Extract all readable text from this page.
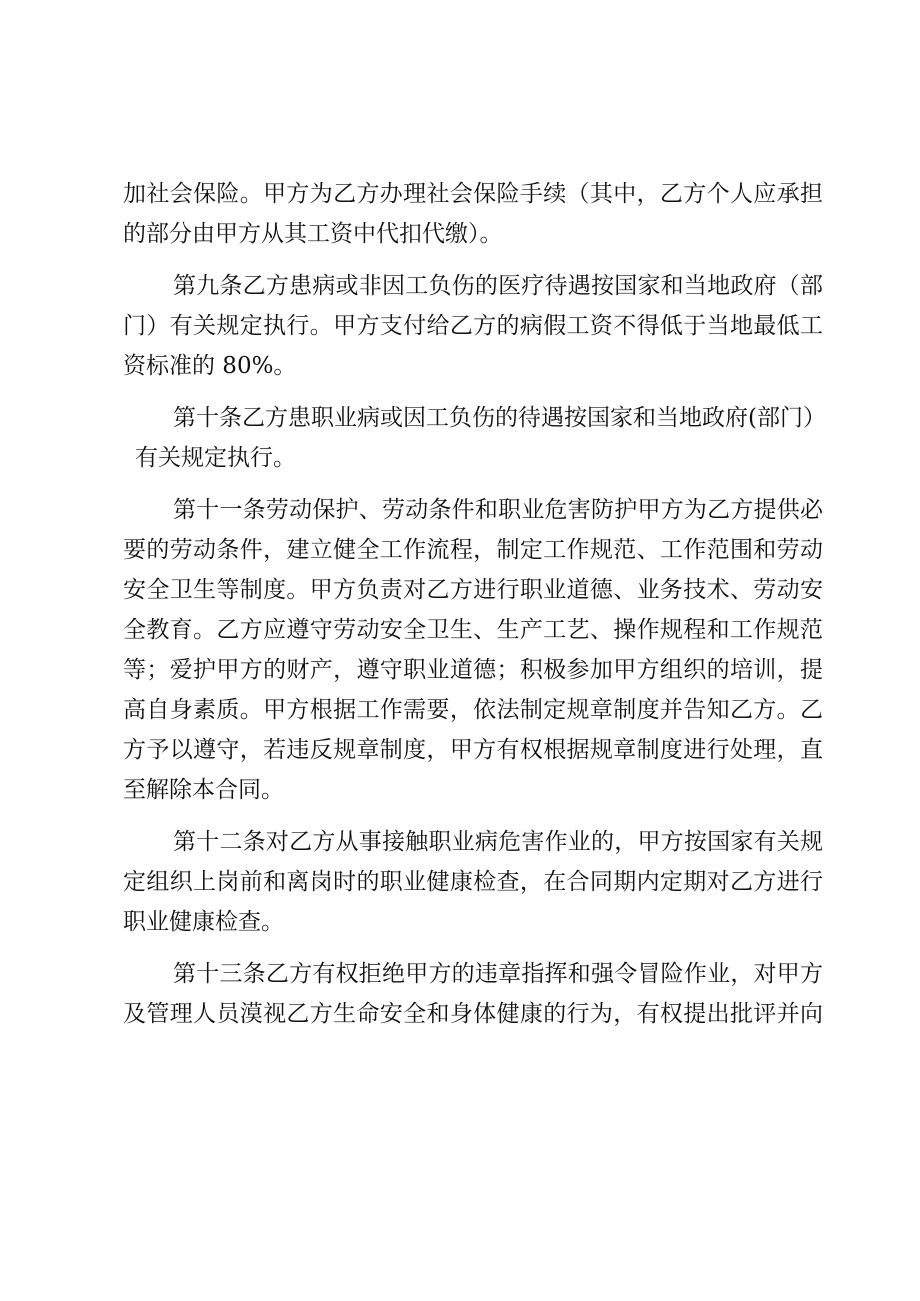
加社会保险。甲方为乙方办理社会保险手续（其中，乙方个人应承担
的部分由甲方从其工资中代扣代缴）。
第九条乙方患病或非因工负伤的医疗待遇按国家和当地政府（部
门）有关规定执行。甲方支付给乙方的病假工资不得低于当地最低工
资标准的 80%。
第十条乙方患职业病或因工负伤的待遇按国家和当地政府(部门）
有关规定执行。
第十一条劳动保护、劳动条件和职业危害防护甲方为乙方提供必
要的劳动条件，建立健全工作流程，制定工作规范、工作范围和劳动
安全卫生等制度。甲方负责对乙方进行职业道德、业务技术、劳动安
全教育。乙方应遵守劳动安全卫生、生产工艺、操作规程和工作规范
等；爱护甲方的财产，遵守职业道德；积极参加甲方组织的培训，提
高自身素质。甲方根据工作需要，依法制定规章制度并告知乙方。乙
方予以遵守，若违反规章制度，甲方有权根据规章制度进行处理，直
至解除本合同。
第十二条对乙方从事接触职业病危害作业的，甲方按国家有关规
定组织上岗前和离岗时的职业健康检查，在合同期内定期对乙方进行
职业健康检查。
第十三条乙方有权拒绝甲方的违章指挥和强令冒险作业，对甲方
及管理人员漠视乙方生命安全和身体健康的行为，有权提出批评并向
